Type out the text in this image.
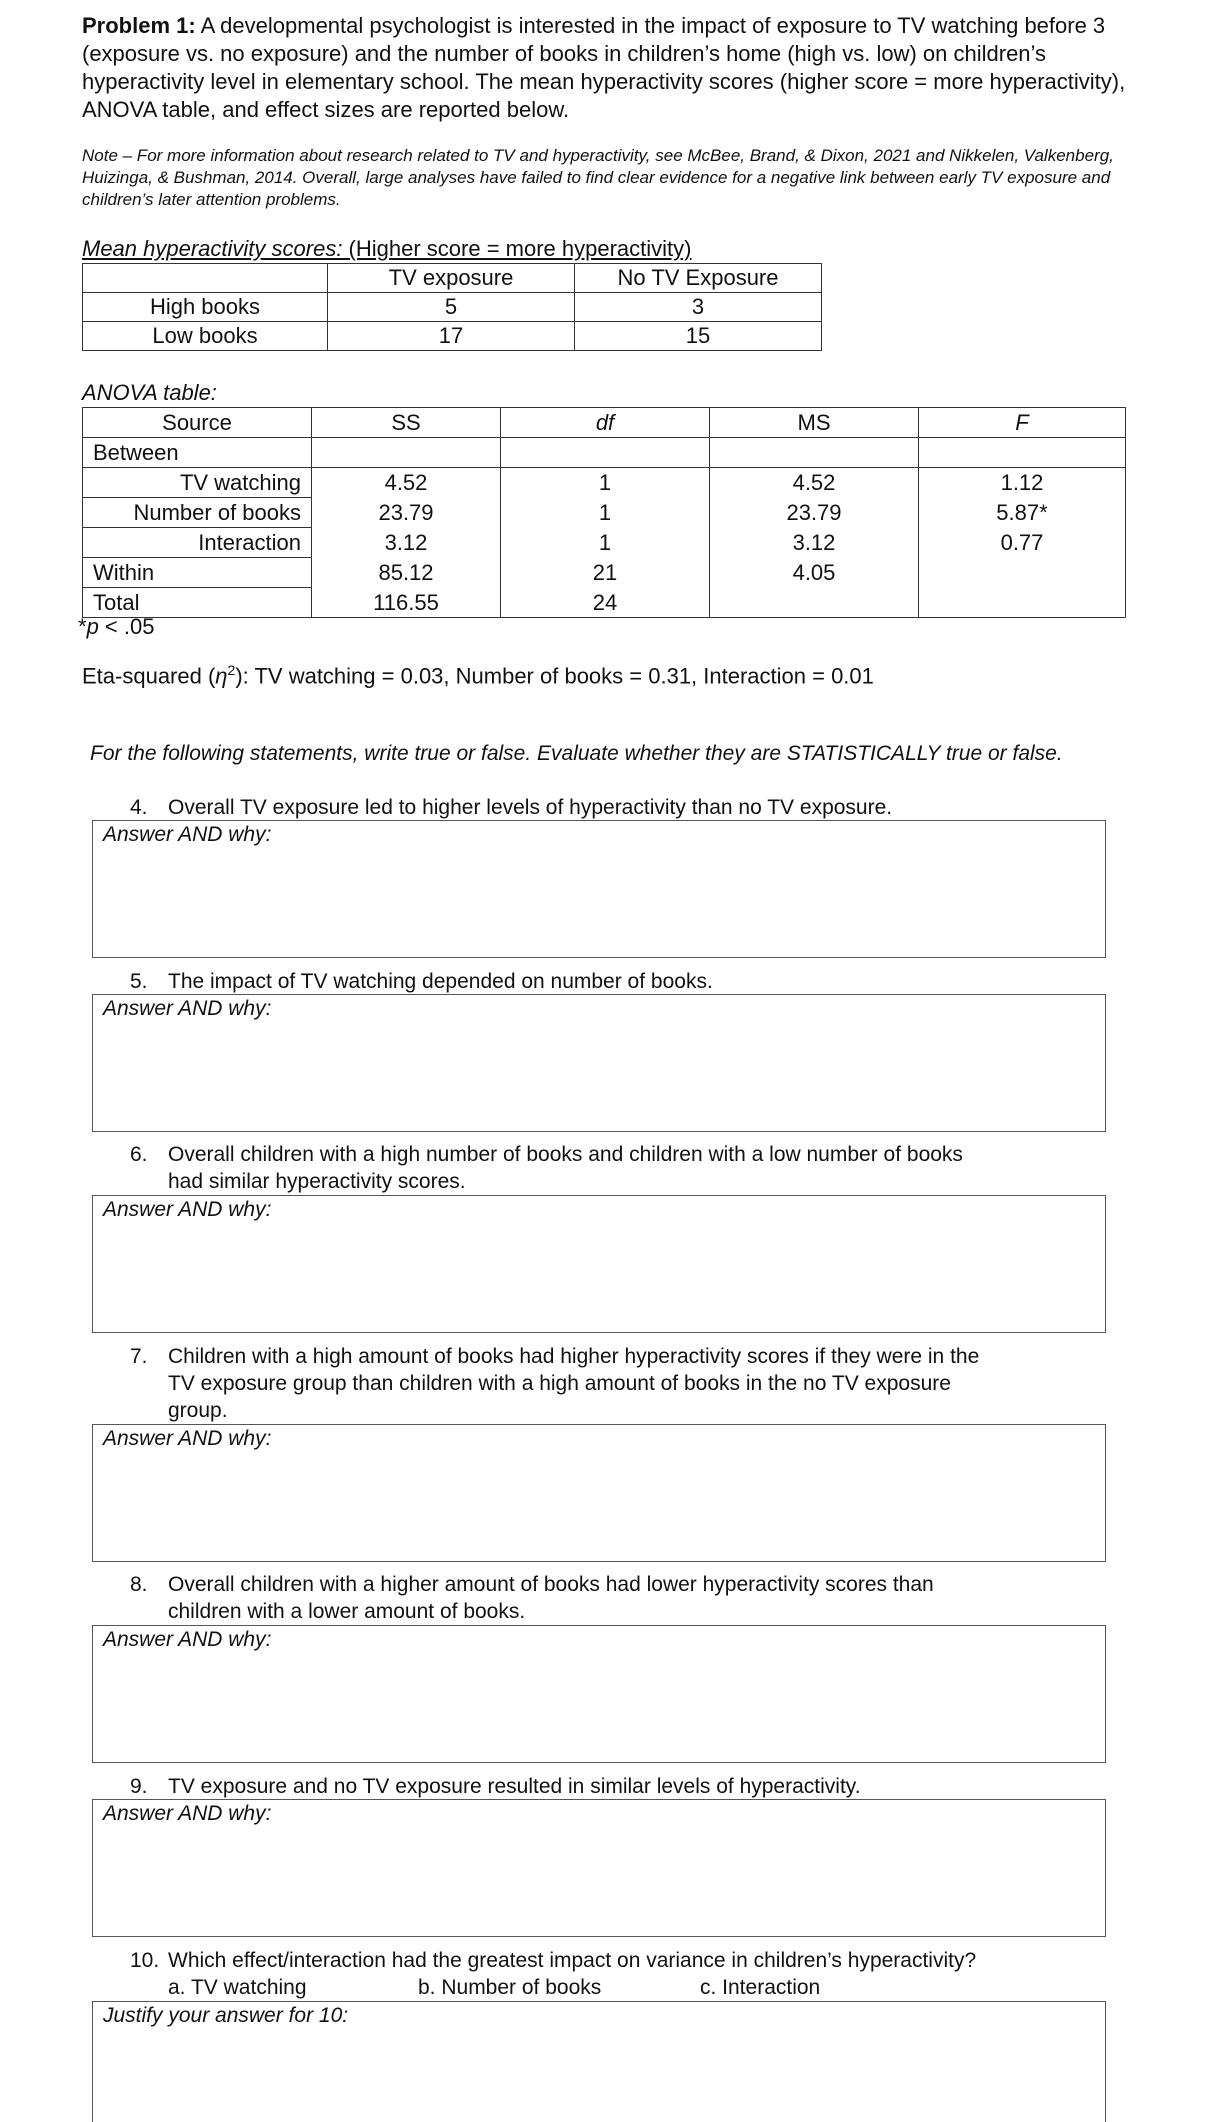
Problem 1: A developmental psychologist is interested in the impact of exposure to TV watching before 3 (exposure vs. no exposure) and the number of books in children’s home (high vs. low) on children’s hyperactivity level in elementary school. The mean hyperactivity scores (higher score = more hyperactivity), ANOVA table, and effect sizes are reported below.
Note – For more information about research related to TV and hyperactivity, see McBee, Brand, & Dixon, 2021 and Nikkelen, Valkenberg, Huizinga, & Bushman, 2014. Overall, large analyses have failed to find clear evidence for a negative link between early TV exposure and children’s later attention problems.
Mean hyperactivity scores: (Higher score = more hyperactivity)
	TV exposure	No TV Exposure
High books	5	3
Low books	17	15
ANOVA table:
Source	SS	df	MS	F
Between				
TV watching	4.52	1	4.52	1.12
Number of books	23.79	1	23.79	5.87*
Interaction	3.12	1	3.12	0.77
Within	85.12	21	4.05	
Total	116.55	24		
*p < .05
Eta-squared $(\eta^2)$: TV watching = 0.03, Number of books = 0.31, Interaction = 0.01
For the following statements, write true or false. Evaluate whether they are STATISTICALLY true or false.
4. Overall TV exposure led to higher levels of hyperactivity than no TV exposure.
Answer AND why:
5. The impact of TV watching depended on number of books.
Answer AND why:
6. Overall children with a high number of books and children with a low number of books
had similar hyperactivity scores.
Answer AND why:
7. Children with a high amount of books had higher hyperactivity scores if they were in the
TV exposure group than children with a high amount of books in the no TV exposure
group.
Answer AND why:
8. Overall children with a higher amount of books had lower hyperactivity scores than
children with a lower amount of books.
Answer AND why:
9. TV exposure and no TV exposure resulted in similar levels of hyperactivity.
Answer AND why:
10. Which effect/interaction had the greatest impact on variance in children’s hyperactivity?
a. TV watching	b. Number of books	c. Interaction
Justify your answer for 10:
